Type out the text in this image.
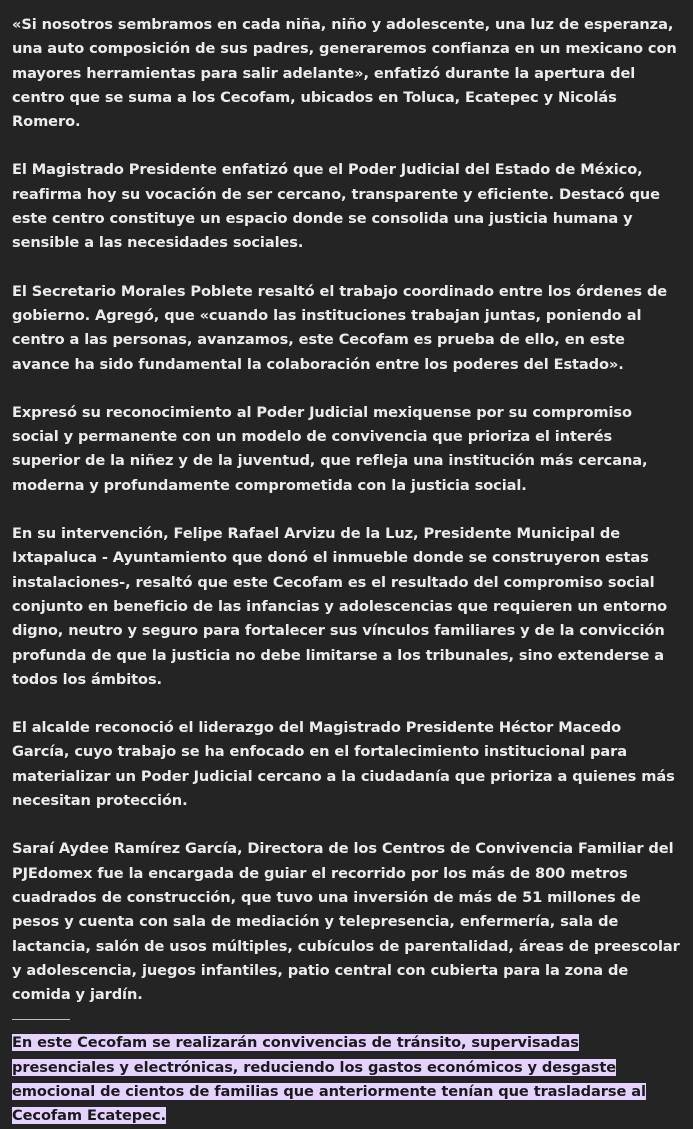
«Si nosotros sembramos en cada niña, niño y adolescente, una luz de esperanza, una auto composición de sus padres, generaremos confianza en un mexicano con mayores herramientas para salir adelante», enfatizó durante la apertura del centro que se suma a los Cecofam, ubicados en Toluca, Ecatepec y Nicolás Romero.

El Magistrado Presidente enfatizó que el Poder Judicial del Estado de México, reafirma hoy su vocación de ser cercano, transparente y eficiente. Destacó que este centro constituye un espacio donde se consolida una justicia humana y sensible a las necesidades sociales.

El Secretario Morales Poblete resaltó el trabajo coordinado entre los órdenes de gobierno. Agregó, que «cuando las instituciones trabajan juntas, poniendo al centro a las personas, avanzamos, este Cecofam es prueba de ello, en este avance ha sido fundamental la colaboración entre los poderes del Estado».

Expresó su reconocimiento al Poder Judicial mexiquense por su compromiso social y permanente con un modelo de convivencia que prioriza el interés superior de la niñez y de la juventud, que refleja una institución más cercana, moderna y profundamente comprometida con la justicia social.

En su intervención, Felipe Rafael Arvizu de la Luz, Presidente Municipal de Ixtapaluca - Ayuntamiento que donó el inmueble donde se construyeron estas instalaciones-, resaltó que este Cecofam es el resultado del compromiso social conjunto en beneficio de las infancias y adolescencias que requieren un entorno digno, neutro y seguro para fortalecer sus vínculos familiares y de la convicción profunda de que la justicia no debe limitarse a los tribunales, sino extenderse a todos los ámbitos.

El alcalde reconoció el liderazgo del Magistrado Presidente Héctor Macedo García, cuyo trabajo se ha enfocado en el fortalecimiento institucional para materializar un Poder Judicial cercano a la ciudadanía que prioriza a quienes más necesitan protección.

Saraí Aydee Ramírez García, Directora de los Centros de Convivencia Familiar del PJEdomex fue la encargada de guiar el recorrido por los más de 800 metros cuadrados de construcción, que tuvo una inversión de más de 51 millones de pesos y cuenta con sala de mediación y telepresencia, enfermería, sala de lactancia, salón de usos múltiples, cubículos de parentalidad, áreas de preescolar y adolescencia, juegos infantiles, patio central con cubierta para la zona de comida y jardín.

En este Cecofam se realizarán convivencias de tránsito, supervisadas presenciales y electrónicas, reduciendo los gastos económicos y desgaste emocional de cientos de familias que anteriormente tenían que trasladarse al Cecofam Ecatepec.
